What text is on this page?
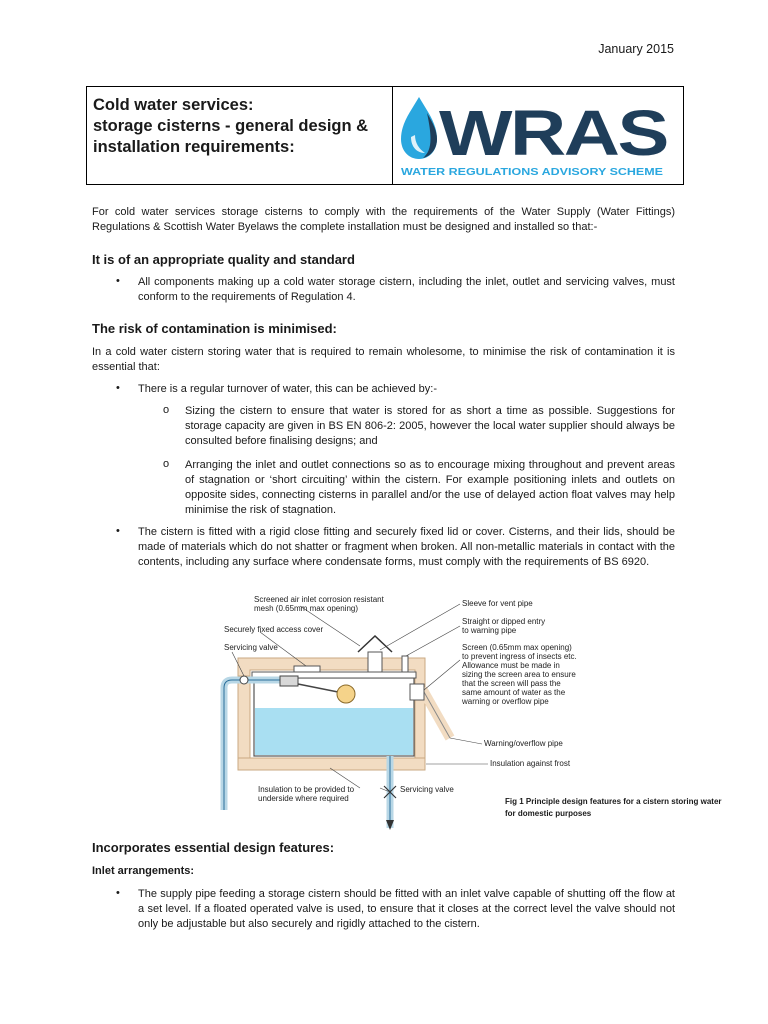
January 2015
Cold water services:
storage cisterns - general design &
installation requirements:	WRAS
WATER REGULATIONS ADVISORY SCHEME
For cold water services storage cisterns to comply with the requirements of the Water Supply (Water Fittings) Regulations & Scottish Water Byelaws the complete installation must be designed and installed so that:-
It is of an appropriate quality and standard
• All components making up a cold water storage cistern, including the inlet, outlet and servicing valves, must conform to the requirements of Regulation 4.
The risk of contamination is minimised:
In a cold water cistern storing water that is required to remain wholesome, to minimise the risk of contamination it is essential that:
• There is a regular turnover of water, this can be achieved by:-
o Sizing the cistern to ensure that water is stored for as short a time as possible. Suggestions for storage capacity are given in BS EN 806-2: 2005, however the local water supplier should always be consulted before finalising designs; and
o Arranging the inlet and outlet connections so as to encourage mixing throughout and prevent areas of stagnation or ‘short circuiting’ within the cistern. For example positioning inlets and outlets on opposite sides, connecting cisterns in parallel and/or the use of delayed action float valves may help minimise the risk of stagnation.
• The cistern is fitted with a rigid close fitting and securely fixed lid or cover. Cisterns, and their lids, should be made of materials which do not shatter or fragment when broken. All non-metallic materials in contact with the contents, including any surface where condensate forms, must comply with the requirements of BS 6920.
Screened air inlet corrosion resistant
mesh (0.65mm max opening)
Securely fixed access cover
Servicing valve
Sleeve for vent pipe
Straight or dipped entry
to warning pipe
Screen (0.65mm max opening)
to prevent ingress of insects etc.
Allowance must be made in
sizing the screen area to ensure
that the screen will pass the
same amount of water as the
warning or overflow pipe
Warning/overflow pipe
Insulation against frost
Insulation to be provided to
underside where required
Servicing valve
Fig 1 Principle design features for a cistern storing water for domestic purposes
Incorporates essential design features:
Inlet arrangements:
• The supply pipe feeding a storage cistern should be fitted with an inlet valve capable of shutting off the flow at a set level. If a floated operated valve is used, to ensure that it closes at the correct level the valve should not only be adjustable but also securely and rigidly attached to the cistern.
